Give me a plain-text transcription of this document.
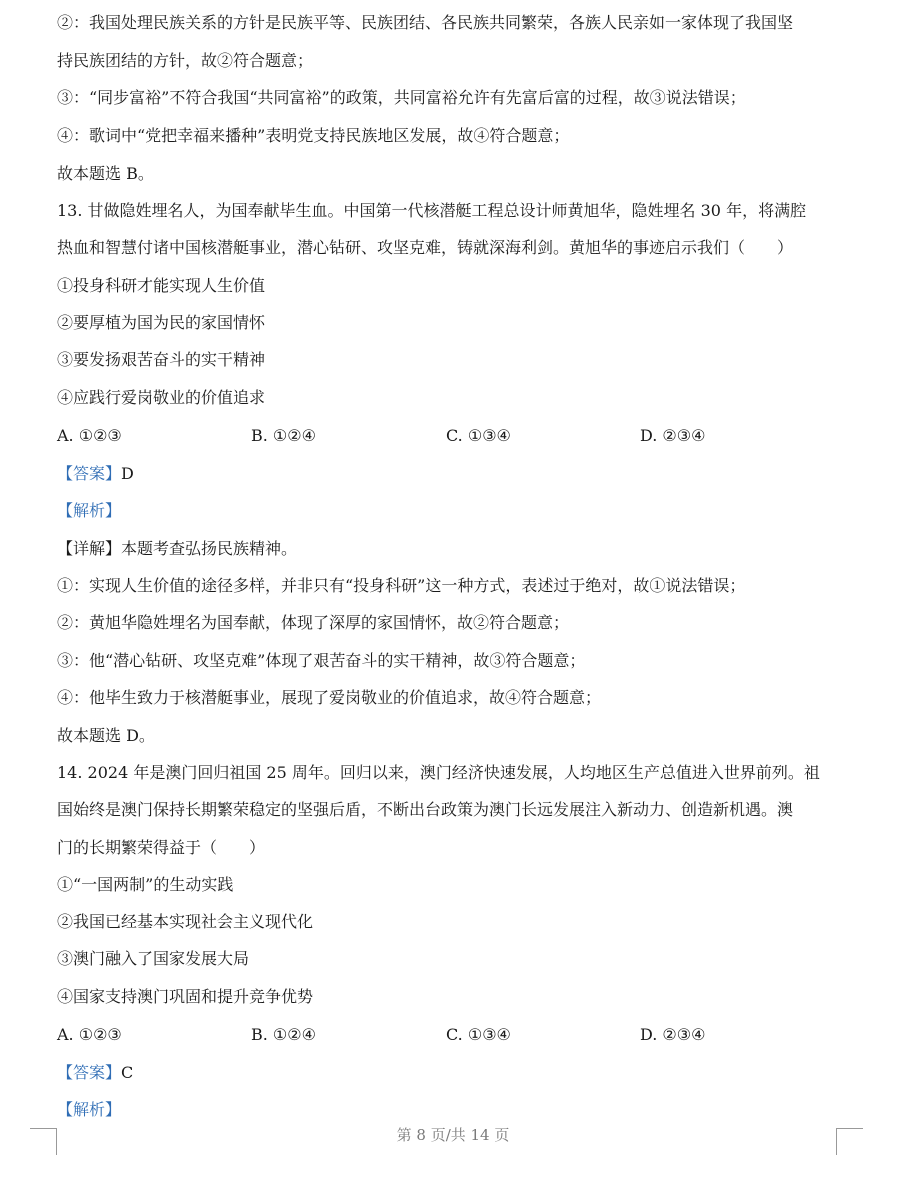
②：我国处理民族关系的方针是民族平等、民族团结、各民族共同繁荣，各族人民亲如一家体现了我国坚
持民族团结的方针，故②符合题意；
③：“同步富裕”不符合我国“共同富裕”的政策，共同富裕允许有先富后富的过程，故③说法错误；
④：歌词中“党把幸福来播种”表明党支持民族地区发展，故④符合题意；
故本题选 B。
13. 甘做隐姓埋名人，为国奉献毕生血。中国第一代核潜艇工程总设计师黄旭华，隐姓埋名 30 年，将满腔
热血和智慧付诸中国核潜艇事业，潜心钻研、攻坚克难，铸就深海利剑。黄旭华的事迹启示我们（　　）
①投身科研才能实现人生价值
②要厚植为国为民的家国情怀
③要发扬艰苦奋斗的实干精神
④应践行爱岗敬业的价值追求
A. ①②③	B. ①②④	C. ①③④	D. ②③④
【答案】D
【解析】
【详解】本题考查弘扬民族精神。
①：实现人生价值的途径多样，并非只有“投身科研”这一种方式，表述过于绝对，故①说法错误；
②：黄旭华隐姓埋名为国奉献，体现了深厚的家国情怀，故②符合题意；
③：他“潜心钻研、攻坚克难”体现了艰苦奋斗的实干精神，故③符合题意；
④：他毕生致力于核潜艇事业，展现了爱岗敬业的价值追求，故④符合题意；
故本题选 D。
14. 2024 年是澳门回归祖国 25 周年。回归以来，澳门经济快速发展，人均地区生产总值进入世界前列。祖
国始终是澳门保持长期繁荣稳定的坚强后盾，不断出台政策为澳门长远发展注入新动力、创造新机遇。澳
门的长期繁荣得益于（　　）
①“一国两制”的生动实践
②我国已经基本实现社会主义现代化
③澳门融入了国家发展大局
④国家支持澳门巩固和提升竞争优势
A. ①②③	B. ①②④	C. ①③④	D. ②③④
【答案】C
【解析】
第 8 页/共 14 页
